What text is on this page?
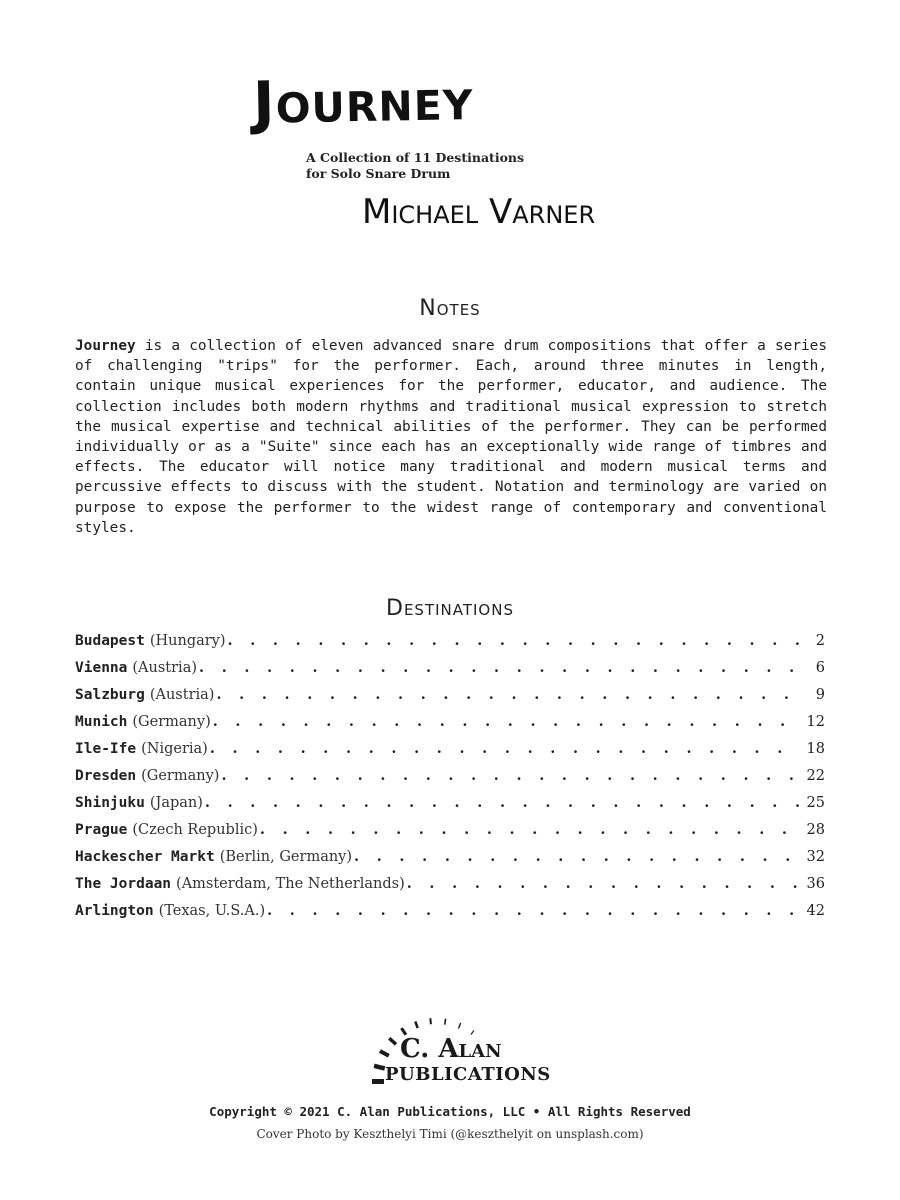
Journey
A Collection of 11 Destinations
for Solo Snare Drum
Michael Varner
Notes
Journey is a collection of eleven advanced snare drum compositions that offer a series of challenging "trips" for the performer. Each, around three minutes in length, contain unique musical experiences for the performer, educator, and audience. The collection includes both modern rhythms and traditional musical expression to stretch the musical expertise and technical abilities of the performer. They can be performed individually or as a "Suite" since each has an exceptionally wide range of timbres and effects. The educator will notice many traditional and modern musical terms and percussive effects to discuss with the student. Notation and terminology are varied on purpose to expose the performer to the widest range of contemporary and conventional styles.
Destinations
Budapest (Hungary) . . .	2
Vienna (Austria) . . .	6
Salzburg (Austria) . . .	9
Munich (Germany) . . .	12
Ile-Ife (Nigeria) . . .	18
Dresden (Germany) . . .	22
Shinjuku (Japan) . . .	25
Prague (Czech Republic) . . .	28
Hackescher Markt (Berlin, Germany) . . .	32
The Jordaan (Amsterdam, The Netherlands) . . .	36
Arlington (Texas, U.S.A.) . . .	42
C. Alan
PUBLICATIONS
Copyright © 2021 C. Alan Publications, LLC • All Rights Reserved
Cover Photo by Keszthelyi Timi (@keszthelyit on unsplash.com)
